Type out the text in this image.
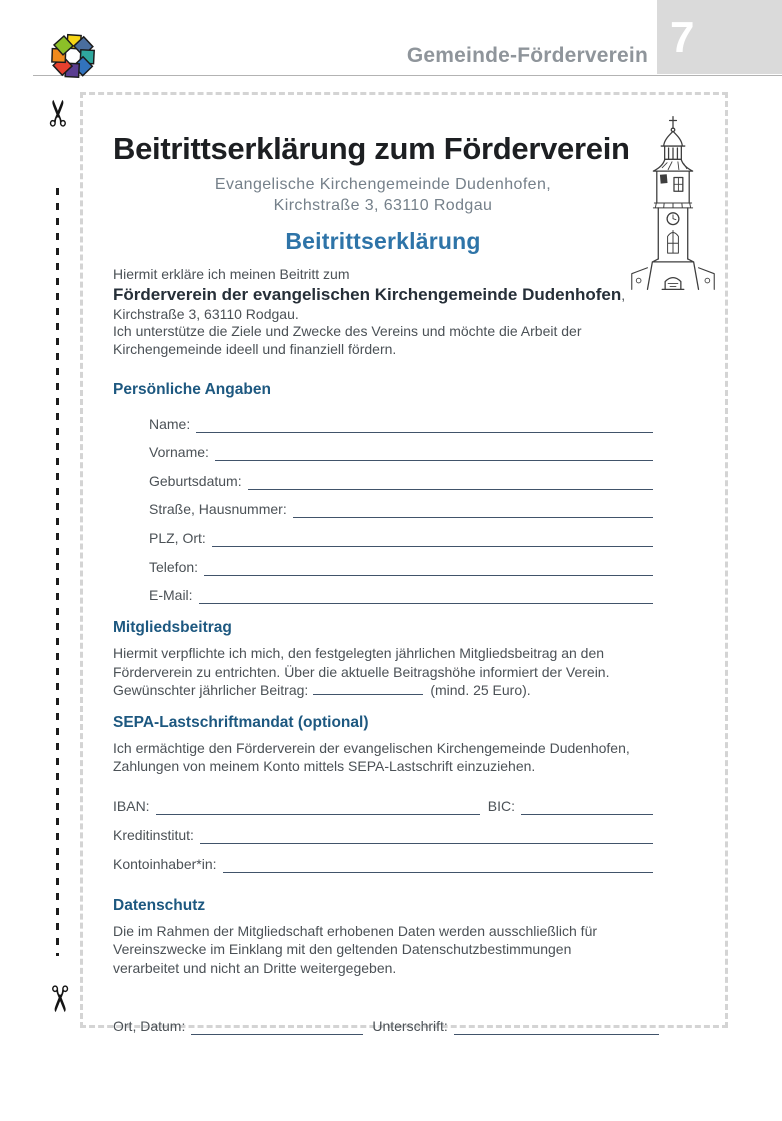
Gemeinde-Förderverein 7
✂
✂
Beitrittserklärung zum Förderverein
Evangelische Kirchengemeinde Dudenhofen,
Kirchstraße 3, 63110 Rodgau
Beitrittserklärung
Hiermit erkläre ich meinen Beitritt zum
Förderverein der evangelischen Kirchengemeinde Dudenhofen,
Kirchstraße 3, 63110 Rodgau.
Ich unterstütze die Ziele und Zwecke des Vereins und möchte die Arbeit der
Kirchengemeinde ideell und finanziell fördern.
Persönliche Angaben
Name:
Vorname:
Geburtsdatum:
Straße, Hausnummer:
PLZ, Ort:
Telefon:
E-Mail:
Mitgliedsbeitrag
Hiermit verpflichte ich mich, den festgelegten jährlichen Mitgliedsbeitrag an den
Förderverein zu entrichten. Über die aktuelle Beitragshöhe informiert der Verein.
Gewünschter jährlicher Beitrag:	(mind. 25 Euro).
SEPA-Lastschriftmandat (optional)
Ich ermächtige den Förderverein der evangelischen Kirchengemeinde Dudenhofen,
Zahlungen von meinem Konto mittels SEPA-Lastschrift einzuziehen.
IBAN:	BIC:
Kreditinstitut:
Kontoinhaber*in:
Datenschutz
Die im Rahmen der Mitgliedschaft erhobenen Daten werden ausschließlich für
Vereinszwecke im Einklang mit den geltenden Datenschutzbestimmungen
verarbeitet und nicht an Dritte weitergegeben.
Ort, Datum:	Unterschrift:
